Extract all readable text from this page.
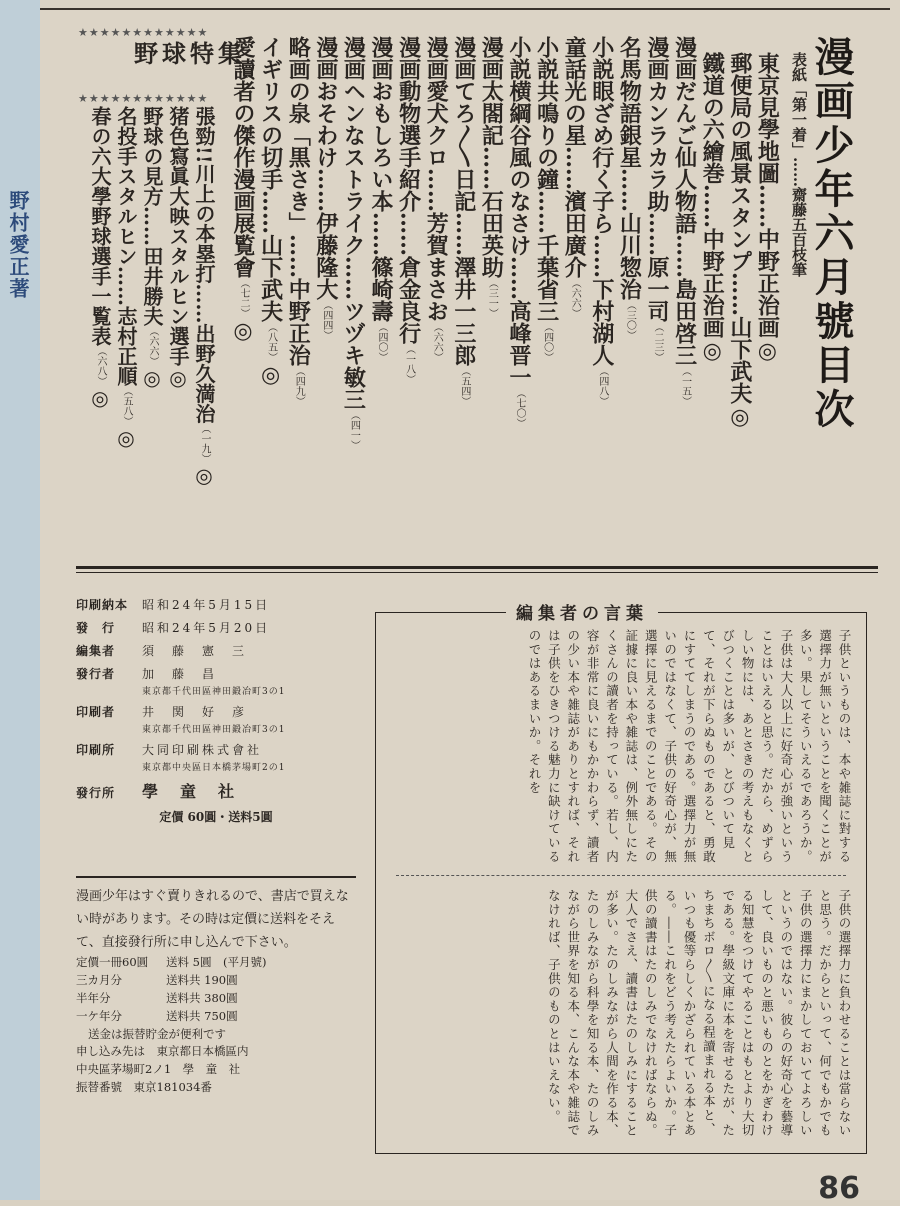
野村愛正著	漫画少年六月號目次
表紙「第一着」……齋藤五百枝筆
◎東京見學地圖……中野正治画
◎郵便局の風景スタンプ……山下武夫
◎鐵道の六繪巻……中野正治画
漫画だんご仙人物語……島田啓三（一五）
漫画カンラカラ助……原一司（二三）
名馬物語銀星……山川惣治（三〇）
小説眼ざめ行く子ら……下村湖人（四八）
童話光の星……濱田廣介（六六）
小説共鳴りの鐘……千葉省三（四〇）
小説横綱谷風のなさけ……高峰晋一（七〇）
漫画太閤記……石田英助（三一）
漫画てろ〳〵日記……澤井一三郎（五四）
漫画愛犬クロ……芳賀まさお（六六）
漫画動物選手紹介……倉金良行（一八）
漫画おもしろい本……篠崎壽（四〇）
漫画ヘンなストライク……ツヅキ敏三（四一）
漫画おそわけ……伊藤隆大（四四）
略画の泉「黒さき」……中野正治（四九）
◎イギリスの切手……山下武夫（八五）
◎愛讀者の傑作漫画展覧會（七二）
★★★★★★★★★★★★
★★★★★★★★★★★★
野球特集
◎張勁!!川上の本塁打……出野久満治（一九）
◎猪色寫眞大映スタルヒン選手
◎野球の見方……田井勝夫（六六）
◎名投手スタルヒン……志村正順（五八）
◎春の六大學野球選手一覧表（六八）
印刷納本	昭和24年5月15日
發　行	昭和24年5月20日
編集者	須　藤　憲　三
發行者	加　藤　昌
東京都千代田區神田鍛冶町3の1
印刷者	井　関　好　彦
東京都千代田區神田鍛冶町3の1
印刷所	大同印刷株式會社
東京都中央區日本橋茅場町2の1
發行所	學　童　社
定價 60圓・送料5圓
漫画少年はすぐ賣りきれるので、書店で買えない時があります。その時は定價に送料をそえて、直接發行所に申し込んで下さい。
定價一冊60圓	送料 5圓　(平月號)
三カ月分	送料共 190圓
半年分	送料共 380圓
一ケ年分	送料共 750圓
送金は振替貯金が便利です
申し込み先は　東京都日本橋區内
中央區茅場町2ノ1　學　童　社
振替番號　東京181034番
編集者の言葉
子供というものは、本や雑誌に對する選擇力が無いということを聞くことが多い。果してそういえるであろうか。子供は大人以上に好奇心が強いということはいえると思う。だから、めずらしい物には、あとさきの考えもなくとびつくことは多いが、とびついて見て、それが下らぬものであると、勇敢にすててしまうのである。選擇力が無いのではなくて、子供の好奇心が、無選擇に見えるまでのことである。その証據に良い本や雑誌は、例外無しにたくさんの讀者を持っている。若し、内容が非常に良いにもかかわらず、讀者の少い本や雑誌がありとすれば、それは子供をひきつける魅力に缺けているのではあるまいか。それを
子供の選擇力に負わせることは當らないと思う。だからといって、何でもかでも子供の選擇力にまかしておいてよろしいというのではない。彼らの好奇心を藝導して、良いものと悪いものとをかぎわける知慧をつけてやることはもとより大切である。學級文庫に本を寄せるたが、たちまちボロ〳〵になる程讀まれる本と、いつも優等らしくかざられている本とある。――これをどう考えたらよいか。子供の讀書はたのしみでなければならぬ。大人でさえ、讀書はたのしみにすることが多い。たのしみながら人間を作る本、たのしみながら科學を知る本、たのしみながら世界を知る本、こんな本や雑誌でなければ、子供のものとはいえない。
86
